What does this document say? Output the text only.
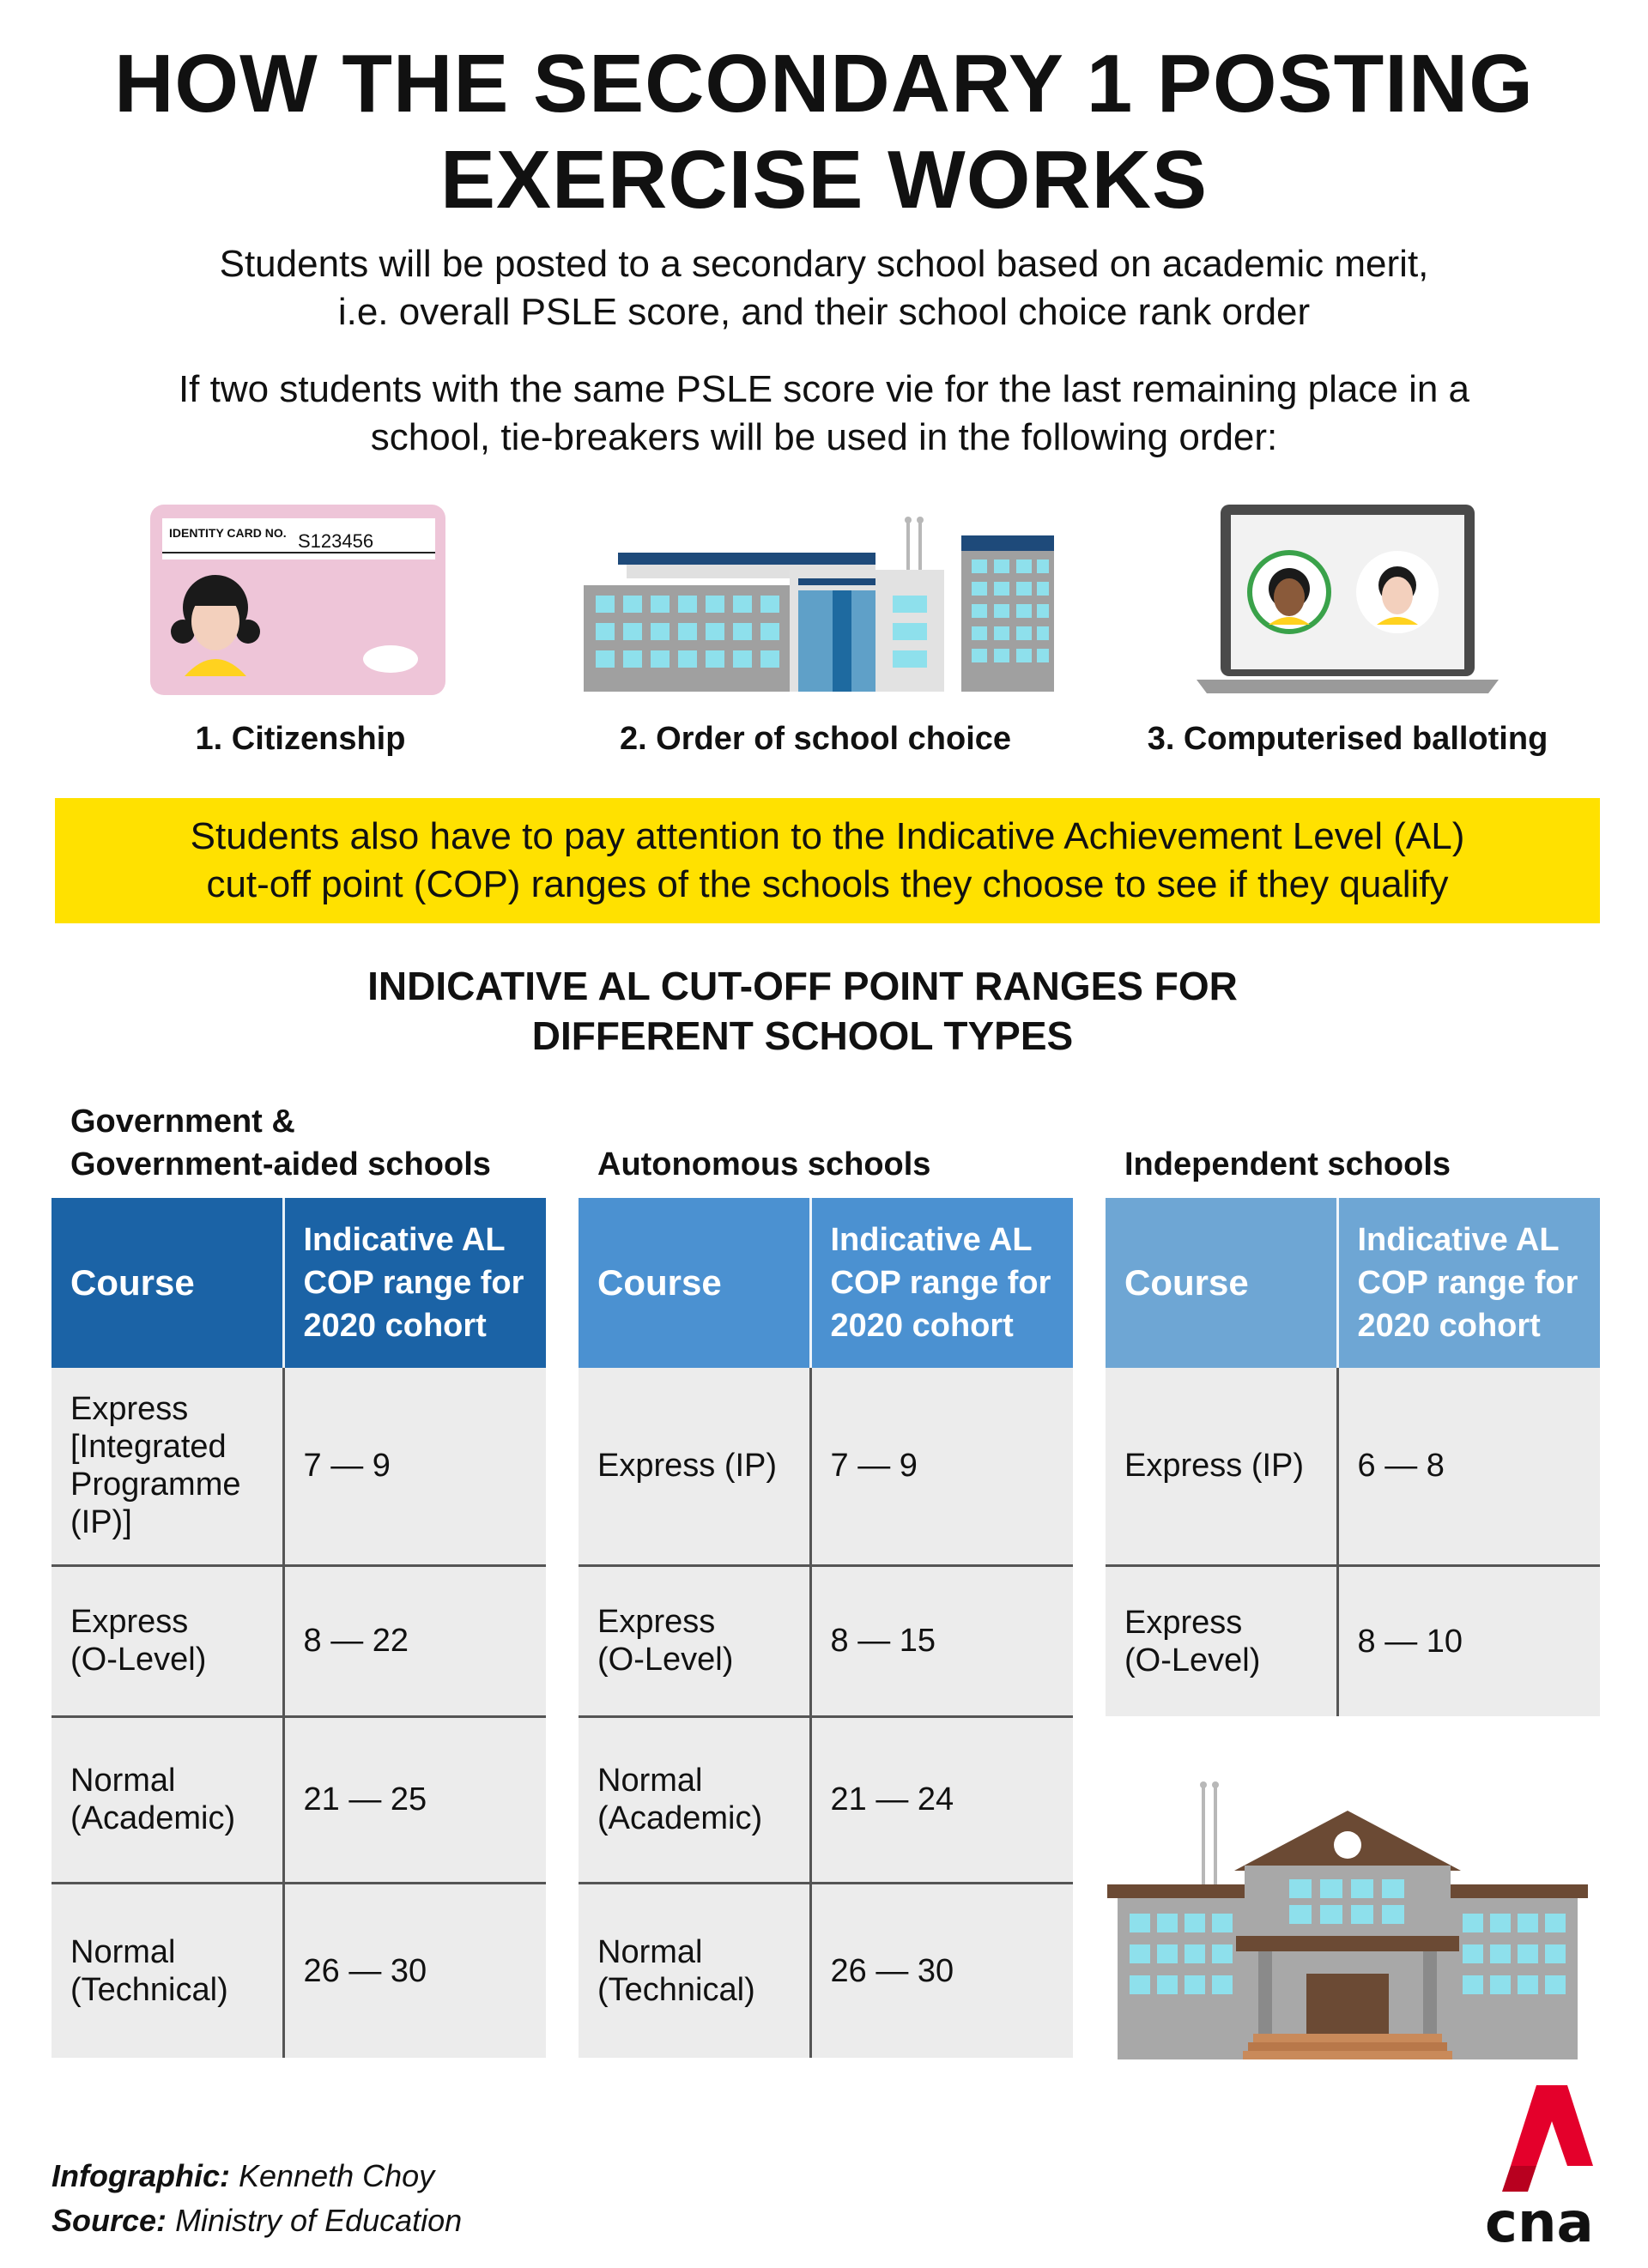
HOW THE SECONDARY 1 POSTING
EXERCISE WORKS
Students will be posted to a secondary school based on academic merit,
i.e. overall PSLE score, and their school choice rank order
If two students with the same PSLE score vie for the last remaining place in a
school, tie-breakers will be used in the following order:
IDENTITY CARD NO. S123456
1. Citizenship	2. Order of school choice	3. Computerised balloting
Students also have to pay attention to the Indicative Achievement Level (AL)
cut-off point (COP) ranges of the schools they choose to see if they qualify
INDICATIVE AL CUT-OFF POINT RANGES FOR
DIFFERENT SCHOOL TYPES
Government &
Government-aided schools	Autonomous schools	Independent schools
Course	Indicative AL
COP range for
2020 cohort

Express
[Integrated
Programme
(IP)]	7 — 9

Express
(O-Level)	8 — 22

Normal
(Academic)	21 — 25

Normal
(Technical)	26 — 30
Course	Indicative AL
COP range for
2020 cohort

Express (IP)	7 — 9

Express
(O-Level)	8 — 15

Normal
(Academic)	21 — 24

Normal
(Technical)	26 — 30
Course	Indicative AL
COP range for
2020 cohort

Express (IP)	6 — 8

Express
(O-Level)	8 — 10
Infographic: Kenneth Choy
Source: Ministry of Education	cna
